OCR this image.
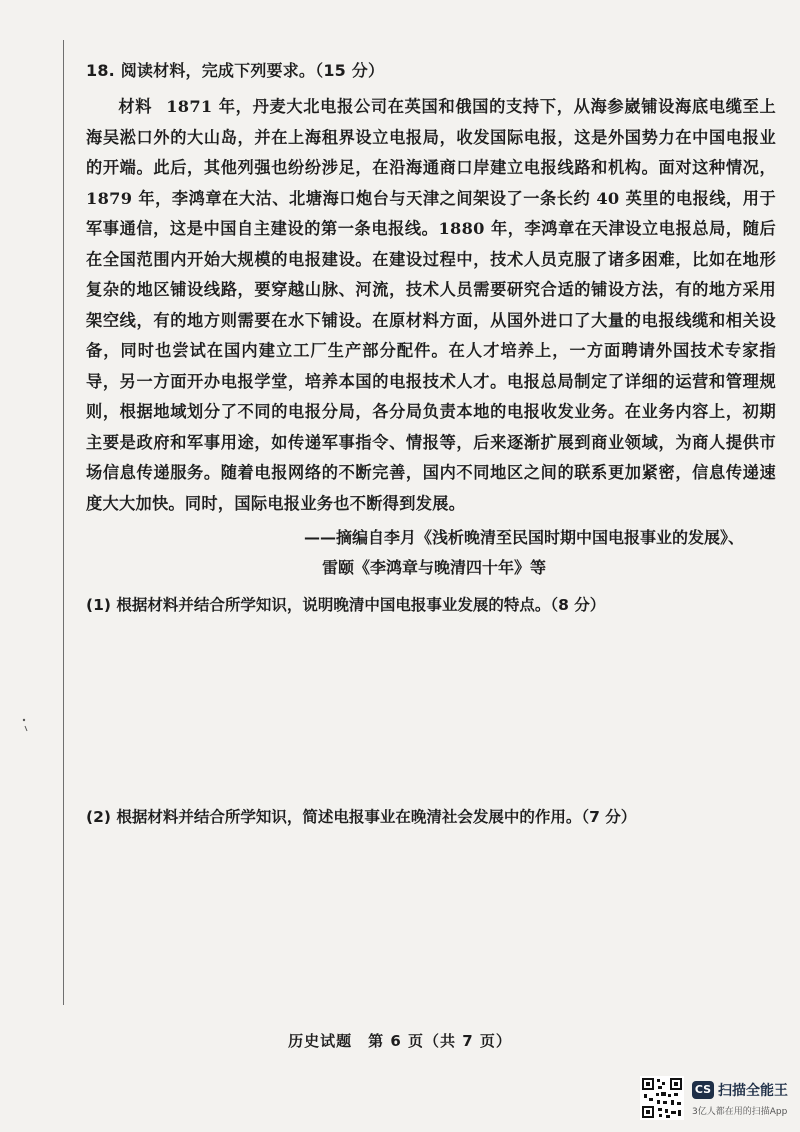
18. 阅读材料，完成下列要求。（15 分）
材料 1871 年，丹麦大北电报公司在英国和俄国的支持下，从海参崴铺设海底电缆至上海吴淞口外的大山岛，并在上海租界设立电报局，收发国际电报，这是外国势力在中国电报业的开端。此后，其他列强也纷纷涉足，在沿海通商口岸建立电报线路和机构。面对这种情况，1879 年，李鸿章在大沽、北塘海口炮台与天津之间架设了一条长约 40 英里的电报线，用于军事通信，这是中国自主建设的第一条电报线。1880 年，李鸿章在天津设立电报总局，随后在全国范围内开始大规模的电报建设。在建设过程中，技术人员克服了诸多困难，比如在地形复杂的地区铺设线路，要穿越山脉、河流，技术人员需要研究合适的铺设方法，有的地方采用架空线，有的地方则需要在水下铺设。在原材料方面，从国外进口了大量的电报线缆和相关设备，同时也尝试在国内建立工厂生产部分配件。在人才培养上，一方面聘请外国技术专家指导，另一方面开办电报学堂，培养本国的电报技术人才。电报总局制定了详细的运营和管理规则，根据地域划分了不同的电报分局，各分局负责本地的电报收发业务。在业务内容上，初期主要是政府和军事用途，如传递军事指令、情报等，后来逐渐扩展到商业领域，为商人提供市场信息传递服务。随着电报网络的不断完善，国内不同地区之间的联系更加紧密，信息传递速度大大加快。同时，国际电报业务也不断得到发展。
——摘编自李月《浅析晚清至民国时期中国电报事业的发展》、
雷颐《李鸿章与晚清四十年》等
(1) 根据材料并结合所学知识，说明晚清中国电报事业发展的特点。（8 分）
(2) 根据材料并结合所学知识，简述电报事业在晚清社会发展中的作用。（7 分）
历史试题　第 6 页（共 7 页）
CS 扫描全能王
3亿人都在用的扫描App
